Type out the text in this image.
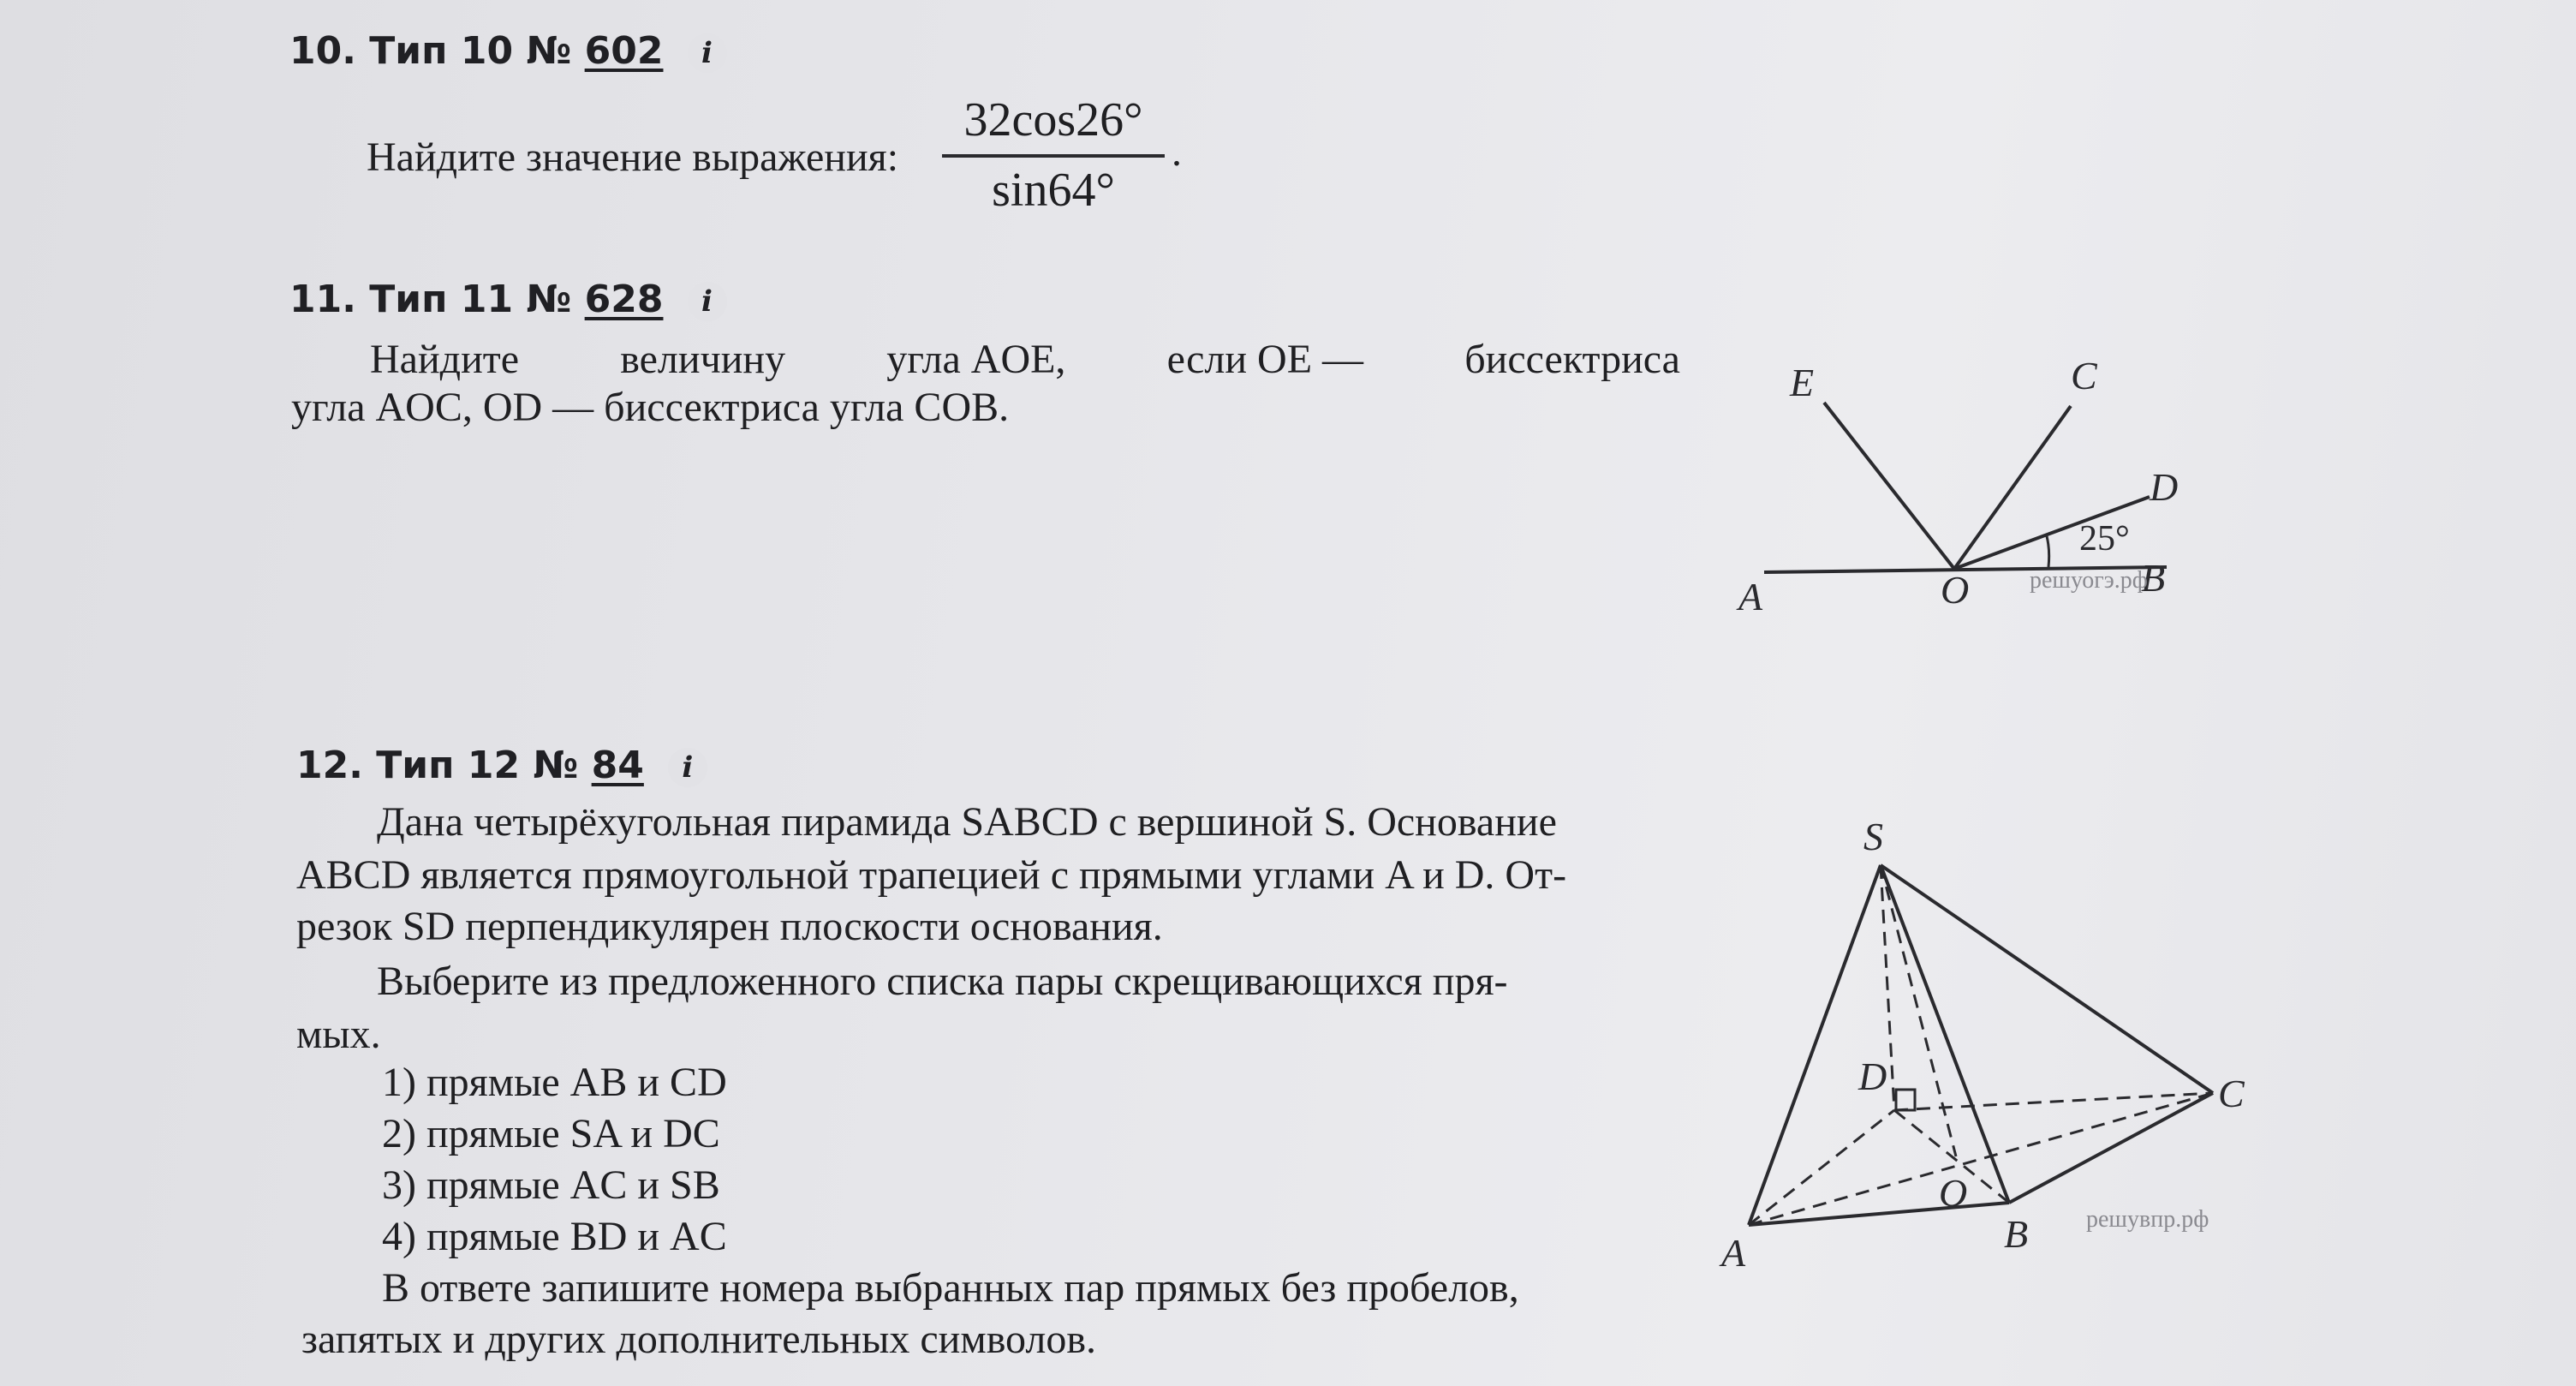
10. Тип 10 № 602 i
Найдите значение выражения: $\frac{32\cos 26^\circ}{\sin 64^\circ}$ .
11. Тип 11 № 628 i
Найдите величину угла AOE, если OE — биссектриса
угла AOC, OD — биссектриса угла COB.
E	C
D
A	O	B
25°
решуогэ.рф
12. Тип 12 № 84 i
Дана четырёхугольная пирамида SABCD с вершиной S. Основание
ABCD является прямоугольной трапецией с прямыми углами A и D. От-
резок SD перпендикулярен плоскости основания.
Выберите из предложенного списка пары скрещивающихся пря-
мых.
1) прямые AB и CD
2) прямые SA и DC
3) прямые AC и SB
4) прямые BD и AC
В ответе запишите номера выбранных пар прямых без пробелов,
запятых и других дополнительных символов.
S
D	C
O
A	B решувпр.рф
